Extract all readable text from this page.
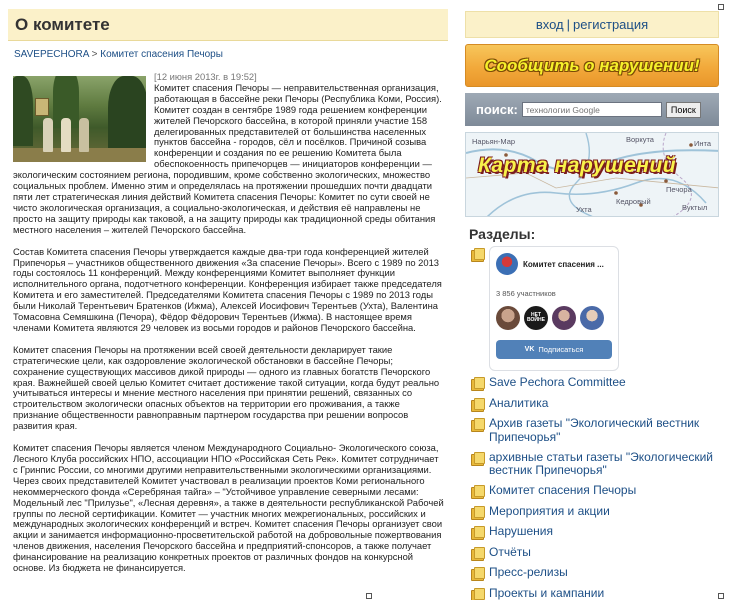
О комитете
SAVEPECHORA > Комитет спасения Печоры

[12 июня 2013г. в 19:52]
Комитет спасения Печоры — неправительственная организация, работающая в бассейне реки Печоры (Республика Коми, Россия). Комитет создан в сентябре 1989 года решением конференции жителей Печорского бассейна, в которой приняли участие 158 делегированных представителей от большинства населенных пунктов бассейна - городов, сёл и посёлков. Причиной созыва конференции и создания по ее решению Комитета была обеспокоенность припечорцев — инициаторов конференции — экологическим состоянием региона, породившим, кроме собственно экологических, множество социальных проблем. Именно этим и определялась на протяжении прошедших почти двадцати пяти лет стратегическая линия действий Комитета спасения Печоры: Комитет по сути своей не чисто экологическая организация, а социально-экологическая, и действия её направлены не просто на защиту природы как таковой, а на защиту природы как традиционной среды обитания местного населения – жителей Печорского бассейна.

Состав Комитета спасения Печоры утверждается каждые два-три года конференцией жителей Припечорья – участников общественного движения «За спасение Печоры». Всего с 1989 по 2013 годы состоялось 11 конференций. Между конференциями Комитет выполняет функции исполнительного органа, подотчетного конференции. Конференция избирает также председателя Комитета и его заместителей. Председателями Комитета спасения Печоры с 1989 по 2013 годы были Николай Терентьевич Братенков (Ижма), Алексей Иосифович Терентьев (Ухта), Валентина Томасовна Семяшкина (Печора), Фёдор Фёдорович Терентьев (Ижма). В настоящее время членами Комитета являются 29 человек из восьми городов и районов Печорского бассейна.

Комитет спасения Печоры на протяжении всей своей деятельности декларирует такие стратегические цели, как оздоровление экологической обстановки в бассейне Печоры; сохранение существующих массивов дикой природы — одного из главных богатств Печорского края. Важнейшей своей целью Комитет считает достижение такой ситуации, когда будут реально учитываться интересы и мнение местного населения при принятии решений, связанных со строительством экологически опасных объектов на территории его проживания, а также признание общественности равноправным партнером государства при решении вопросов развития края.

Комитет спасения Печоры является членом Международного Социально- Экологического союза, Лесного Клуба российских НПО, ассоциации НПО «Российская Сеть Рек». Комитет сотрудничает с Гринпис России, со многими другими неправительственными экологическими организациями. Через своих представителей Комитет участвовал в реализации проектов Коми регионального некоммерческого фонда «Серебряная тайга» – "Устойчивое управление северными лесами: Модельный лес "Прилузье", «Лесная деревня», а также в деятельности республиканской Рабочей группы по лесной сертификации. Комитет — участник многих межрегиональных, российских и международных экологических конференций и встреч. Комитет спасения Печоры организует свои акции и занимается информационно-просветительской работой на добровольные пожертвования членов движения, населения Печорского бассейна и предприятий-спонсоров, а также получает финансирование на реализацию конкретных проектов от различных фондов на конкурсной основе. Из бюджета не финансируется.

вход | регистрация
Сообщить о нарушении!
поиск:
технологии Google	Поиск
Нарьян-Мар	Инта
Печора
Воркута
Ухта	Вуктыл
Кедровый
Карта нарушений
Разделы:
Комитет спасения ...
3 856 участников
НЕТ ВОЙНЕ
VK Подписаться
Save Pechora Committee
Аналитика
Архив газеты "Экологический вестник Припечорья"
архивные статьи газеты "Экологический вестник Припечорья"
Комитет спасения Печоры
Мероприятия и акции
Нарушения
Отчёты
Пресс-релизы
Проекты и кампании
